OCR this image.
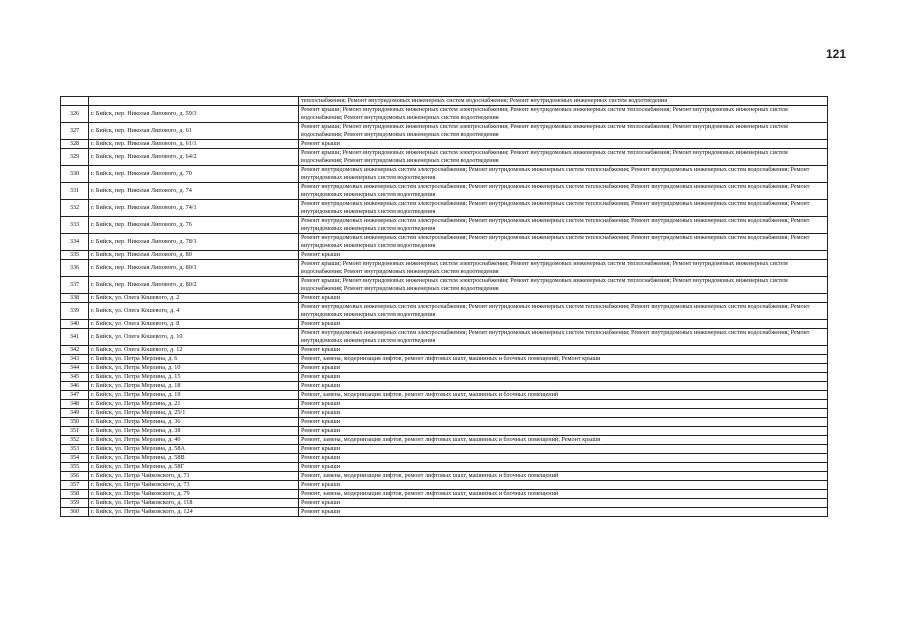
121
		теплоснабжения; Ремонт внутридомовых инженерных систем водоснабжения; Ремонт внутридомовых инженерных систем водоотведения
326	г. Бийск, пер. Николая Липового, д. 59/3	Ремонт крыши; Ремонт внутридомовых инженерных систем электроснабжения; Ремонт внутридомовых инженерных систем теплоснабжения; Ремонт внутридомовых инженерных систем водоснабжения; Ремонт внутридомовых инженерных систем водоотведения
327	г. Бийск, пер. Николая Липового, д. 61	Ремонт крыши; Ремонт внутридомовых инженерных систем электроснабжения; Ремонт внутридомовых инженерных систем теплоснабжения; Ремонт внутридомовых инженерных систем водоснабжения; Ремонт внутридомовых инженерных систем водоотведения
328	г. Бийск, пер. Николая Липового, д. 61/1	Ремонт крыши
329	г. Бийск, пер. Николая Липового, д. 64/2	Ремонт крыши; Ремонт внутридомовых инженерных систем электроснабжения; Ремонт внутридомовых инженерных систем теплоснабжения; Ремонт внутридомовых инженерных систем водоснабжения; Ремонт внутридомовых инженерных систем водоотведения
330	г. Бийск, пер. Николая Липового, д. 70	Ремонт внутридомовых инженерных систем электроснабжения; Ремонт внутридомовых инженерных систем теплоснабжения; Ремонт внутридомовых инженерных систем водоснабжения; Ремонт внутридомовых инженерных систем водоотведения
331	г. Бийск, пер. Николая Липового, д. 74	Ремонт внутридомовых инженерных систем электроснабжения; Ремонт внутридомовых инженерных систем теплоснабжения; Ремонт внутридомовых инженерных систем водоснабжения; Ремонт внутридомовых инженерных систем водоотведения
332	г. Бийск, пер. Николая Липового, д. 74/1	Ремонт внутридомовых инженерных систем электроснабжения; Ремонт внутридомовых инженерных систем теплоснабжения; Ремонт внутридомовых инженерных систем водоснабжения; Ремонт внутридомовых инженерных систем водоотведения
333	г. Бийск, пер. Николая Липового, д. 76	Ремонт внутридомовых инженерных систем электроснабжения; Ремонт внутридомовых инженерных систем теплоснабжения; Ремонт внутридомовых инженерных систем водоснабжения; Ремонт внутридомовых инженерных систем водоотведения
334	г. Бийск, пер. Николая Липового, д. 78/1	Ремонт внутридомовых инженерных систем электроснабжения; Ремонт внутридомовых инженерных систем теплоснабжения; Ремонт внутридомовых инженерных систем водоснабжения; Ремонт внутридомовых инженерных систем водоотведения
335	г. Бийск, пер. Николая Липового, д. 80	Ремонт крыши
336	г. Бийск, пер. Николая Липового, д. 80/1	Ремонт крыши; Ремонт внутридомовых инженерных систем электроснабжения; Ремонт внутридомовых инженерных систем теплоснабжения; Ремонт внутридомовых инженерных систем водоснабжения; Ремонт внутридомовых инженерных систем водоотведения
337	г. Бийск, пер. Николая Липового, д. 80/2	Ремонт крыши; Ремонт внутридомовых инженерных систем электроснабжения; Ремонт внутридомовых инженерных систем теплоснабжения; Ремонт внутридомовых инженерных систем водоснабжения; Ремонт внутридомовых инженерных систем водоотведения
338	г. Бийск, ул. Олега Кошевого, д. 2	Ремонт крыши
339	г. Бийск, ул. Олега Кошевого, д. 4	Ремонт внутридомовых инженерных систем электроснабжения; Ремонт внутридомовых инженерных систем теплоснабжения; Ремонт внутридомовых инженерных систем водоснабжения; Ремонт внутридомовых инженерных систем водоотведения
340	г. Бийск, ул. Олега Кошевого, д. 8	Ремонт крыши
341	г. Бийск, ул. Олега Кошевого, д. 10	Ремонт внутридомовых инженерных систем электроснабжения; Ремонт внутридомовых инженерных систем теплоснабжения; Ремонт внутридомовых инженерных систем водоснабжения; Ремонт внутридомовых инженерных систем водоотведения
342	г. Бийск, ул. Олега Кошевого, д. 12	Ремонт крыши
343	г. Бийск, ул. Петра Мерлина, д. 6	Ремонт, замена, модернизация лифтов, ремонт лифтовых шахт, машинных и блочных помещений; Ремонт крыши
344	г. Бийск, ул. Петра Мерлина, д. 10	Ремонт крыши
345	г. Бийск, ул. Петра Мерлина, д. 15	Ремонт крыши
346	г. Бийск, ул. Петра Мерлина, д. 18	Ремонт крыши
347	г. Бийск, ул. Петра Мерлина, д. 19	Ремонт, замена, модернизация лифтов, ремонт лифтовых шахт, машинных и блочных помещений
348	г. Бийск, ул. Петра Мерлина, д. 21	Ремонт крыши
349	г. Бийск, ул. Петра Мерлина, д. 25/1	Ремонт крыши
350	г. Бийск, ул. Петра Мерлина, д. 36	Ремонт крыши
351	г. Бийск, ул. Петра Мерлина, д. 38	Ремонт крыши
352	г. Бийск, ул. Петра Мерлина, д. 40	Ремонт, замена, модернизация лифтов, ремонт лифтовых шахт, машинных и блочных помещений; Ремонт крыши
353	г. Бийск, ул. Петра Мерлина, д. 58А	Ремонт крыши
354	г. Бийск, ул. Петра Мерлина, д. 58В	Ремонт крыши
355	г. Бийск, ул. Петра Мерлина, д. 58Г	Ремонт крыши
356	г. Бийск, ул. Петра Чайковского, д. 71	Ремонт, замена, модернизация лифтов, ремонт лифтовых шахт, машинных и блочных помещений
357	г. Бийск, ул. Петра Чайковского, д. 73	Ремонт крыши
358	г. Бийск, ул. Петра Чайковского, д. 79	Ремонт, замена, модернизация лифтов, ремонт лифтовых шахт, машинных и блочных помещений
359	г. Бийск, ул. Петра Чайковского, д. 118	Ремонт крыши
360	г. Бийск, ул. Петра Чайковского, д. 124	Ремонт крыши
